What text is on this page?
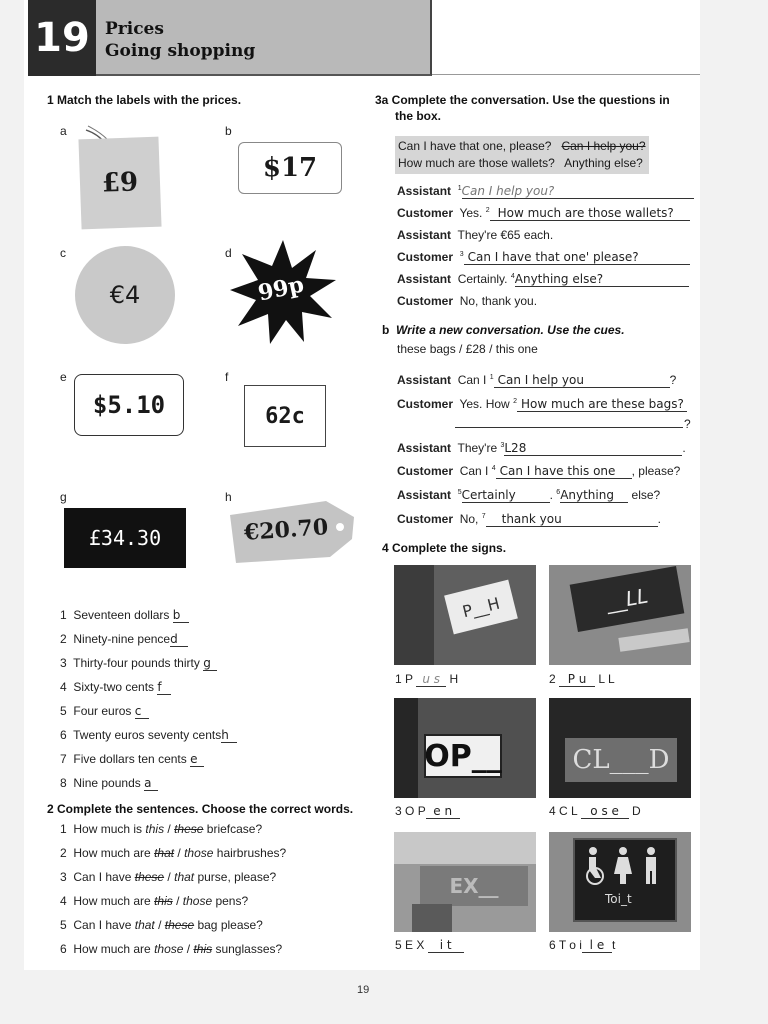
19 Prices
Going shopping
1 Match the labels with the prices.
a	b
c	d
e	f
g	h
£9	$17
€4	99p
$5.10	62c
£34.30	€20.70
1 Seventeen dollars b
2 Ninety-nine penced
3 Thirty-four pounds thirty g
4 Sixty-two cents f
5 Four euros c
6 Twenty euros seventy centsh
7 Five dollars ten cents e
8 Nine pounds a
2 Complete the sentences. Choose the correct words.
1 How much is this / these briefcase?
2 How much are that / those hairbrushes?
3 Can I have these / that purse, please?
4 How much are this / those pens?
5 Can I have that / these bag please?
6 How much are those / this sunglasses?
3a Complete the conversation. Use the questions in
the box.
Can I have that one, please? Can I help you?
How much are those wallets? Anything else?
Assistant $^1$Can I help you?
Customer Yes. $^2$ How much are those wallets?
Assistant They're €65 each.
Customer $^3$ Can I have that one' please?
Assistant Certainly. $^4$Anything else?
Customer No, thank you.
b Write a new conversation. Use the cues.
these bags / £28 / this one
Assistant Can I $^1$ Can I help you	?
Customer Yes. How $^2$ How much are these bags?
?
Assistant They're $^3$L28	.
Customer Can I $^4$ Can I have this one , please?
Assistant $^5$Certainly	. $^6$Anything else?
Customer No, $^7$ thank you	.
4 Complete the signs.
P__H	__LL
OP__	CL___D
EX__
Toi_t
1 P u s H	2 P u L L
3 O P e n	4 C L o s e D
5 E X i t	6 T o i l e t
19
